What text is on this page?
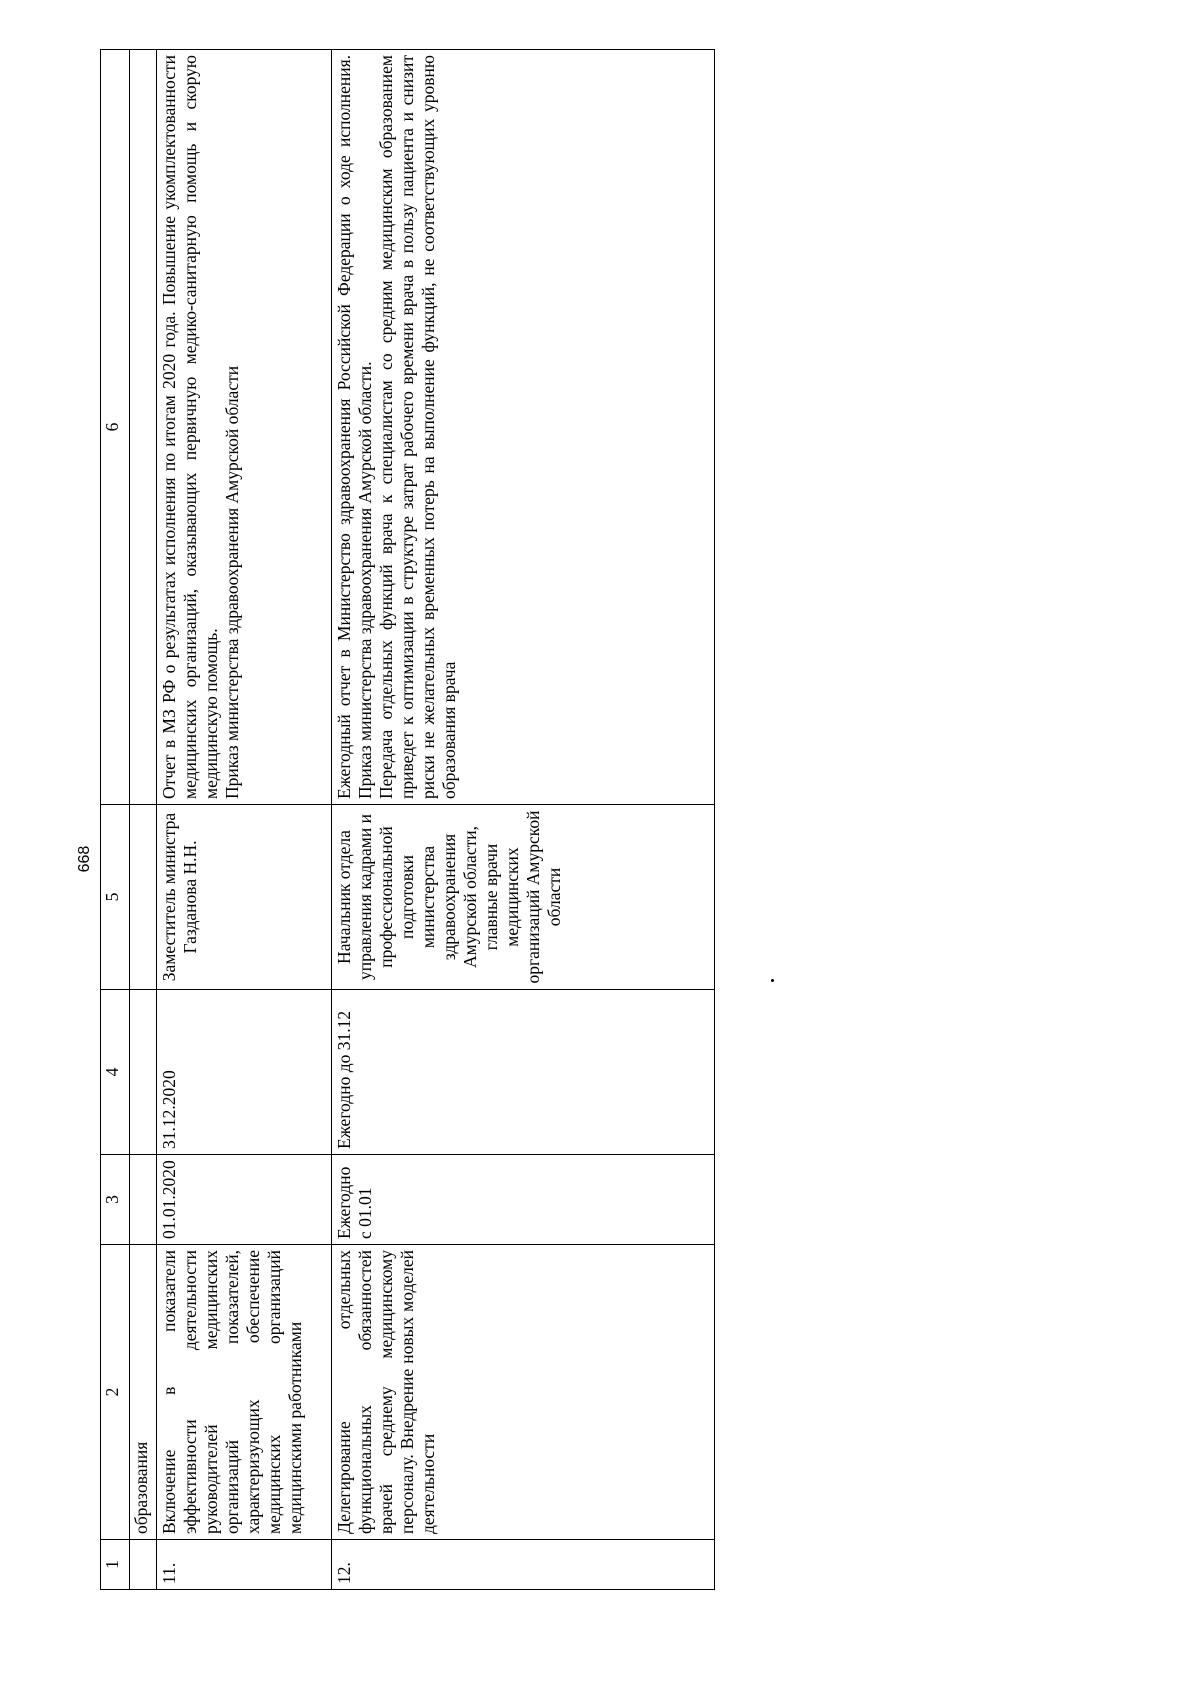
668
1	2	3	4	5	6
	образования				
11.	Включение в показатели эффективности деятельности руководителей медицинских организаций показателей, характеризующих обеспечение медицинских организаций медицинскими работниками	01.01.2020	31.12.2020	Заместитель министра Газданова Н.Н.	Отчет в МЗ РФ о результатах исполнения по итогам 2020 года. Повышение укомплектованности медицинских организаций, оказывающих первичную медико-санитарную помощь и скорую медицинскую помощь. Приказ министерства здравоохранения Амурской области

12.	Делегирование отдельных функциональных обязанностей врачей среднему медицинскому персоналу. Внедрение новых моделей деятельности	Ежегодно с 01.01	Ежегодно до 31.12	Начальник отдела управления кадрами и профессиональной подготовки министерства здравоохранения Амурской области, главные врачи медицинских организаций Амурской области	Ежегодный отчет в Министерство здравоохранения Российской Федерации о ходе исполнения. Приказ министерства здравоохранения Амурской области. Передача отдельных функций врача к специалистам со средним медицинским образованием приведет к оптимизации в структуре затрат рабочего времени врача в пользу пациента и снизит риски не желательных временных потерь на выполнение функций, не соответствующих уровню образования врача
